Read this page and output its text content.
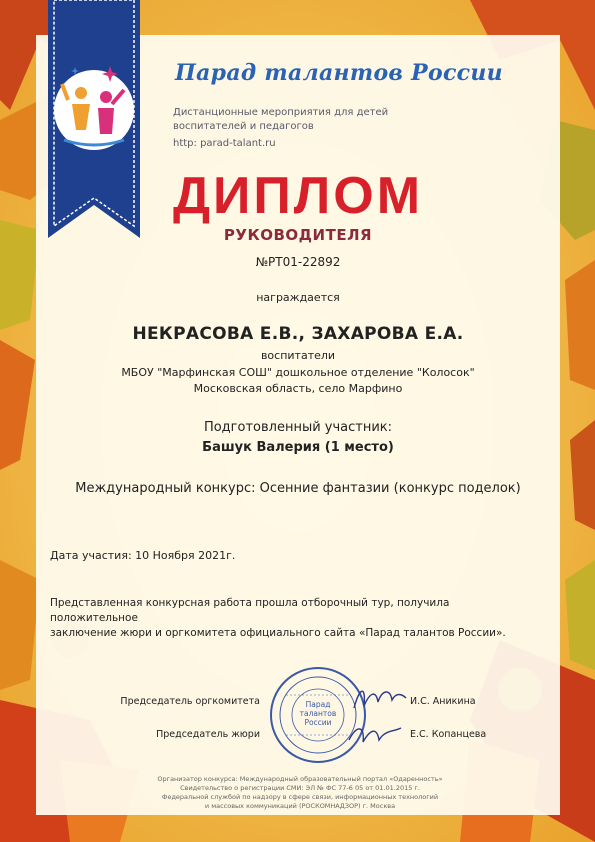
Парад талантов России
Дистанционные мероприятия для детей
воспитателей и педагогов
http: parad-talant.ru
ДИПЛОМ
РУКОВОДИТЕЛЯ
№РТ01-22892
награждается
НЕКРАСОВА Е.В., ЗАХАРОВА Е.А.
воспитатели
МБОУ "Марфинская СОШ" дошкольное отделение "Колосок"
Московская область, село Марфино
Подготовленный участник:
Башук Валерия (1 место)
Международный конкурс: Осенние фантазии (конкурс поделок)
Дата участия: 10 Ноября 2021г.
Представленная конкурсная работа прошла отборочный тур, получила положительное
заключение жюри и оргкомитета официального сайта «Парад талантов России».
Председатель оргкомитета	И.С. Аникина
Председатель жюри	Е.С. Копанцева
Парад
талантов
России
Организатор конкурса: Международный образовательный портал «Одаренность»
Свидетельство о регистрации СМИ: ЭЛ № ФС 77-6 05 от 01.01.2015 г.
Федеральной службой по надзору в сфере связи, информационных технологий
и массовых коммуникаций (РОСКОМНАДЗОР) г. Москва
